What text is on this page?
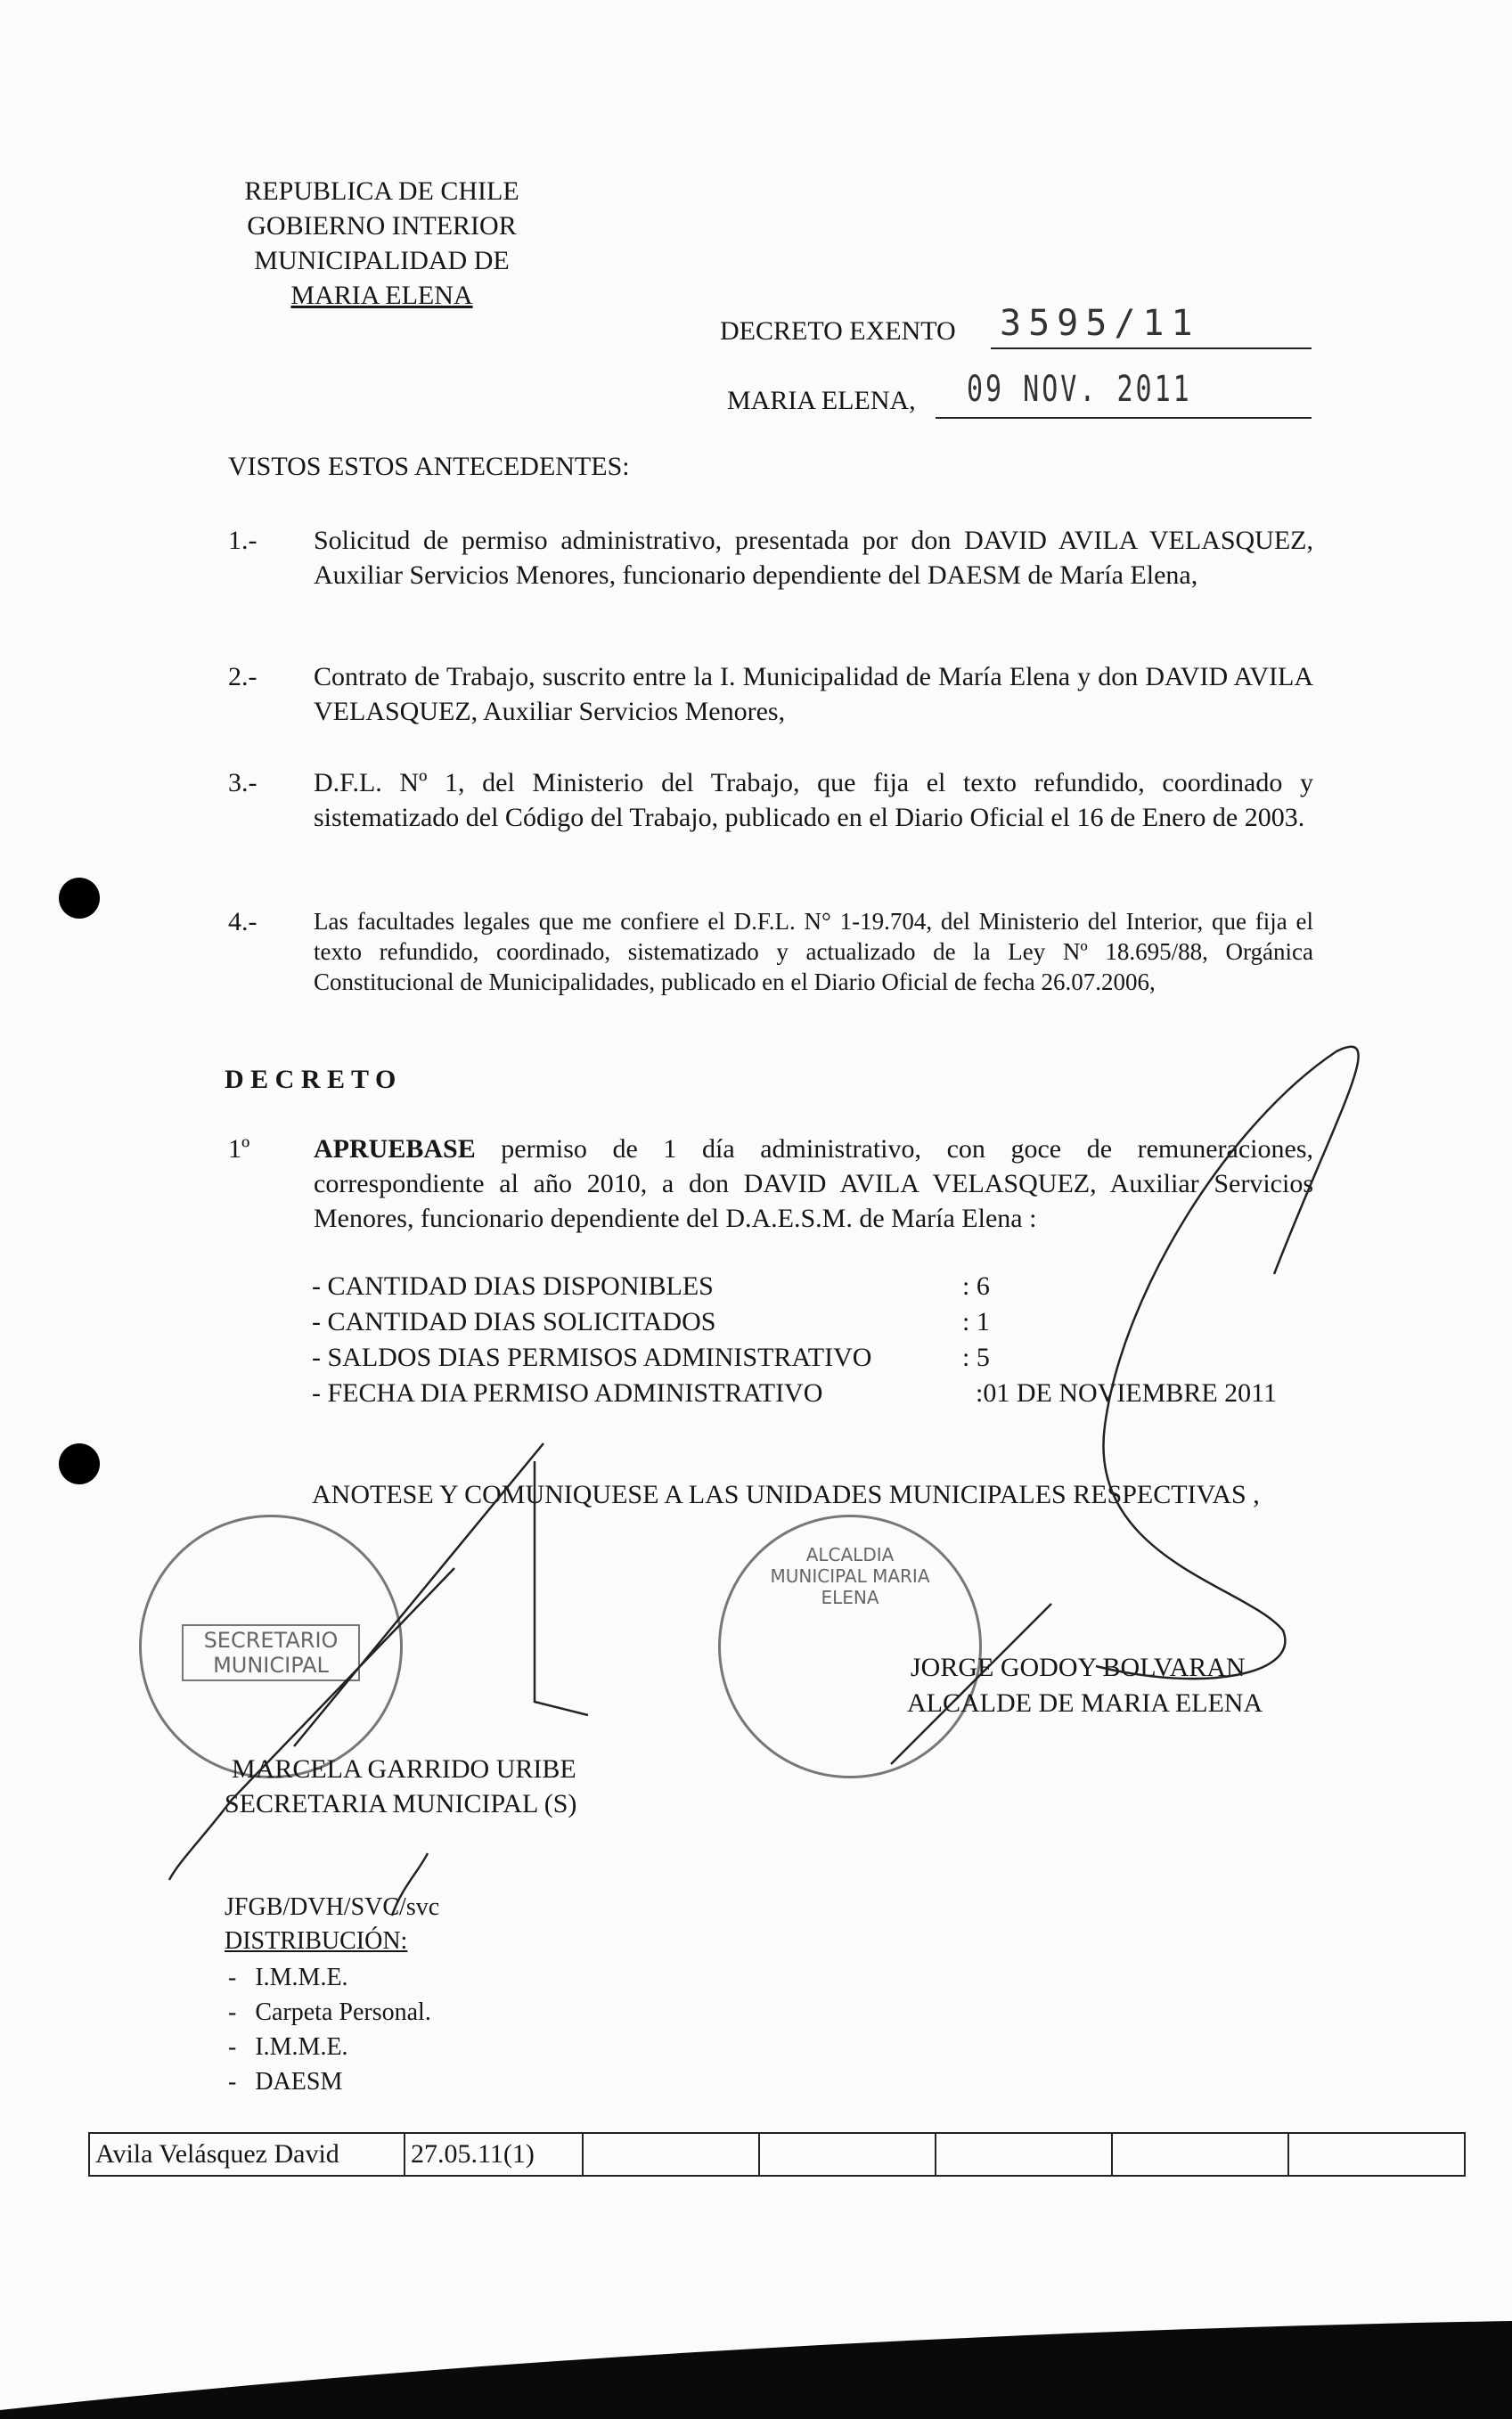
REPUBLICA DE CHILE
GOBIERNO INTERIOR
MUNICIPALIDAD DE
MARIA ELENA
DECRETO EXENTO 3595/11
MARIA ELENA, 09 NOV. 2011
VISTOS ESTOS ANTECEDENTES:
1.- Solicitud de permiso administrativo, presentada por don DAVID AVILA VELASQUEZ, Auxiliar Servicios Menores, funcionario dependiente del DAESM de María Elena,
2.- Contrato de Trabajo, suscrito entre la I. Municipalidad de María Elena y don DAVID AVILA VELASQUEZ, Auxiliar Servicios Menores,
3.- D.F.L. Nº 1, del Ministerio del Trabajo, que fija el texto refundido, coordinado y sistematizado del Código del Trabajo, publicado en el Diario Oficial el 16 de Enero de 2003.
4.- Las facultades legales que me confiere el D.F.L. N° 1-19.704, del Ministerio del Interior, que fija el texto refundido, coordinado, sistematizado y actualizado de la Ley Nº 18.695/88, Orgánica Constitucional de Municipalidades, publicado en el Diario Oficial de fecha 26.07.2006,
D E C R E T O
1º APRUEBASE permiso de 1 día administrativo, con goce de remuneraciones, correspondiente al año 2010, a don DAVID AVILA VELASQUEZ, Auxiliar Servicios Menores, funcionario dependiente del D.A.E.S.M. de María Elena :
- CANTIDAD DIAS DISPONIBLES	: 6
- CANTIDAD DIAS SOLICITADOS	: 1
- SALDOS DIAS PERMISOS ADMINISTRATIVO	: 5
- FECHA DIA PERMISO ADMINISTRATIVO	:01 DE NOVIEMBRE 2011
ANOTESE Y COMUNIQUESE A LAS UNIDADES MUNICIPALES RESPECTIVAS ,
SECRETARIO MUNICIPAL
ALCALDIA MUNICIPAL MARIA ELENA
JORGE GODOY BOLVARAN
ALCALDE DE MARIA ELENA
MARCELA GARRIDO URIBE
SECRETARIA MUNICIPAL (S)
JFGB/DVH/SVC/svc
DISTRIBUCIÓN:
-   I.M.M.E.
-   Carpeta Personal.
-   I.M.M.E.
-   DAESM
Avila Velásquez David	27.05.11(1)					
